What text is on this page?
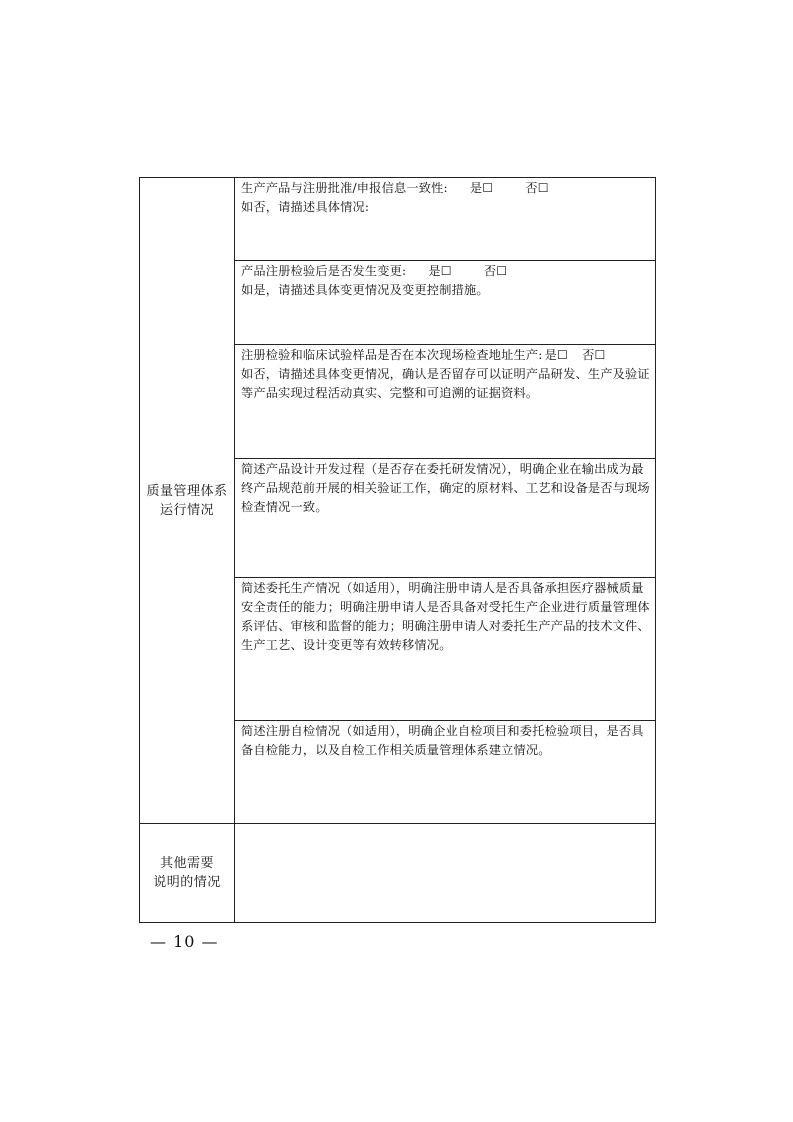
质量管理体系
运行情况	生产产品与注册批准/申报信息一致性: 是☐ 否☐
如否，请描述具体情况:

	产品注册检验后是否发生变更: 是☐ 否☐
如是，请描述具体变更情况及变更控制措施。

	注册检验和临床试验样品是否在本次现场检查地址生产: 是☐ 否☐
如否，请描述具体变更情况，确认是否留存可以证明产品研发、生产及验证等产品实现过程活动真实、完整和可追溯的证据资料。

	简述产品设计开发过程（是否存在委托研发情况），明确企业在输出成为最终产品规范前开展的相关验证工作，确定的原材料、工艺和设备是否与现场检查情况一致。

	简述委托生产情况（如适用），明确注册申请人是否具备承担医疗器械质量安全责任的能力；明确注册申请人是否具备对受托生产企业进行质量管理体系评估、审核和监督的能力；明确注册申请人对委托生产产品的技术文件、生产工艺、设计变更等有效转移情况。

	简述注册自检情况（如适用），明确企业自检项目和委托检验项目，是否具备自检能力，以及自检工作相关质量管理体系建立情况。

其他需要
说明的情况	

— 10 —
